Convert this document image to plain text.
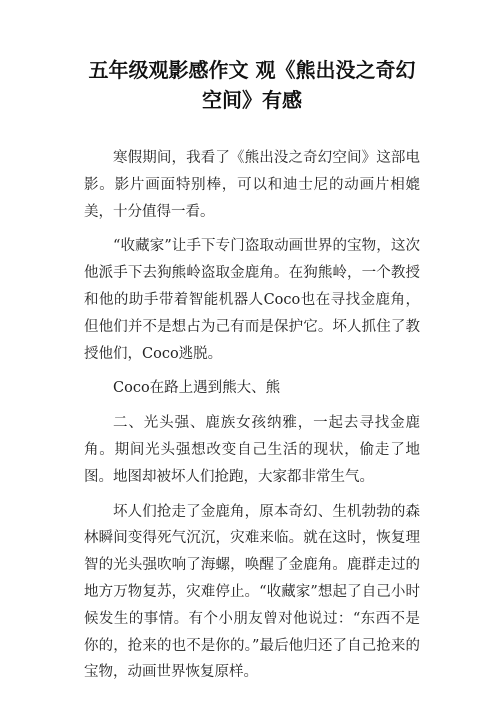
五年级观影感作文 观《熊出没之奇幻空间》有感

寒假期间，我看了《熊出没之奇幻空间》这部电影。影片画面特别棒，可以和迪士尼的动画片相媲美，十分值得一看。

“收藏家”让手下专门盗取动画世界的宝物，这次他派手下去狗熊岭盗取金鹿角。在狗熊岭，一个教授和他的助手带着智能机器人Coco也在寻找金鹿角，但他们并不是想占为己有而是保护它。坏人抓住了教授他们，Coco逃脱。

Coco在路上遇到熊大、熊

二、光头强、鹿族女孩纳雅，一起去寻找金鹿角。期间光头强想改变自己生活的现状，偷走了地图。地图却被坏人们抢跑，大家都非常生气。

坏人们抢走了金鹿角，原本奇幻、生机勃勃的森林瞬间变得死气沉沉，灾难来临。就在这时，恢复理智的光头强吹响了海螺，唤醒了金鹿角。鹿群走过的地方万物复苏，灾难停止。“收藏家”想起了自己小时候发生的事情。有个小朋友曾对他说过：“东西不是你的，抢来的也不是你的。”最后他归还了自己抢来的宝物，动画世界恢复原样。
